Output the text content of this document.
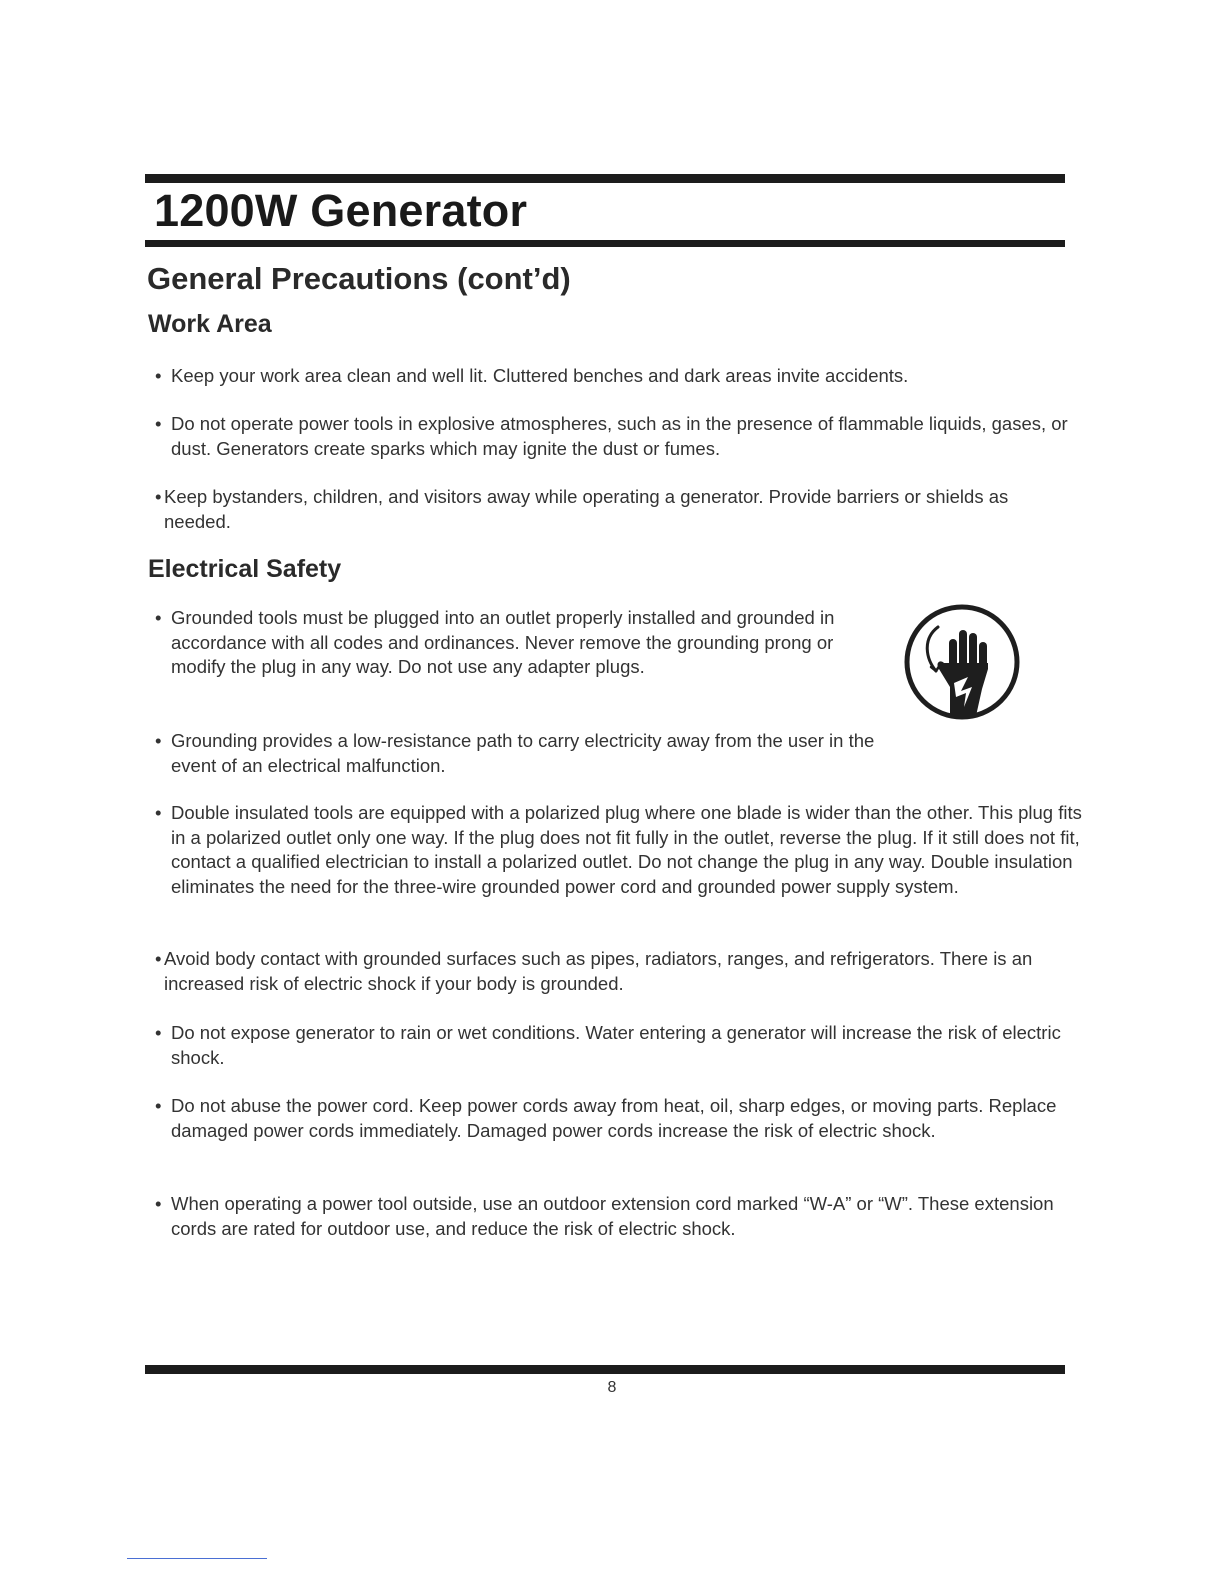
1200W Generator
General Precautions (cont’d)
Work Area

• Keep your work area clean and well lit. Cluttered benches and dark areas invite accidents.

• Do not operate power tools in explosive atmospheres, such as in the presence of flammable liquids, gases, or dust. Generators create sparks which may ignite the dust or fumes.

• Keep bystanders, children, and visitors away while operating a generator. Provide barriers or shields as needed.

Electrical Safety

• Grounded tools must be plugged into an outlet properly installed and grounded in accordance with all codes and ordinances. Never remove the grounding prong or modify the plug in any way. Do not use any adapter plugs.

• Grounding provides a low-resistance path to carry electricity away from the user in the event of an electrical malfunction.

• Double insulated tools are equipped with a polarized plug where one blade is wider than the other. This plug fits in a polarized outlet only one way. If the plug does not fit fully in the outlet, reverse the plug. If it still does not fit, contact a qualified electrician to install a polarized outlet. Do not change the plug in any way. Double insulation eliminates the need for the three-wire grounded power cord and grounded power supply system.

• Avoid body contact with grounded surfaces such as pipes, radiators, ranges, and refrigerators. There is an increased risk of electric shock if your body is grounded.

• Do not expose generator to rain or wet conditions. Water entering a generator will increase the risk of electric shock.

• Do not abuse the power cord. Keep power cords away from heat, oil, sharp edges, or moving parts. Replace damaged power cords immediately. Damaged power cords increase the risk of electric shock.

• When operating a power tool outside, use an outdoor extension cord marked “W-A” or “W”. These extension cords are rated for outdoor use, and reduce the risk of electric shock.

8
